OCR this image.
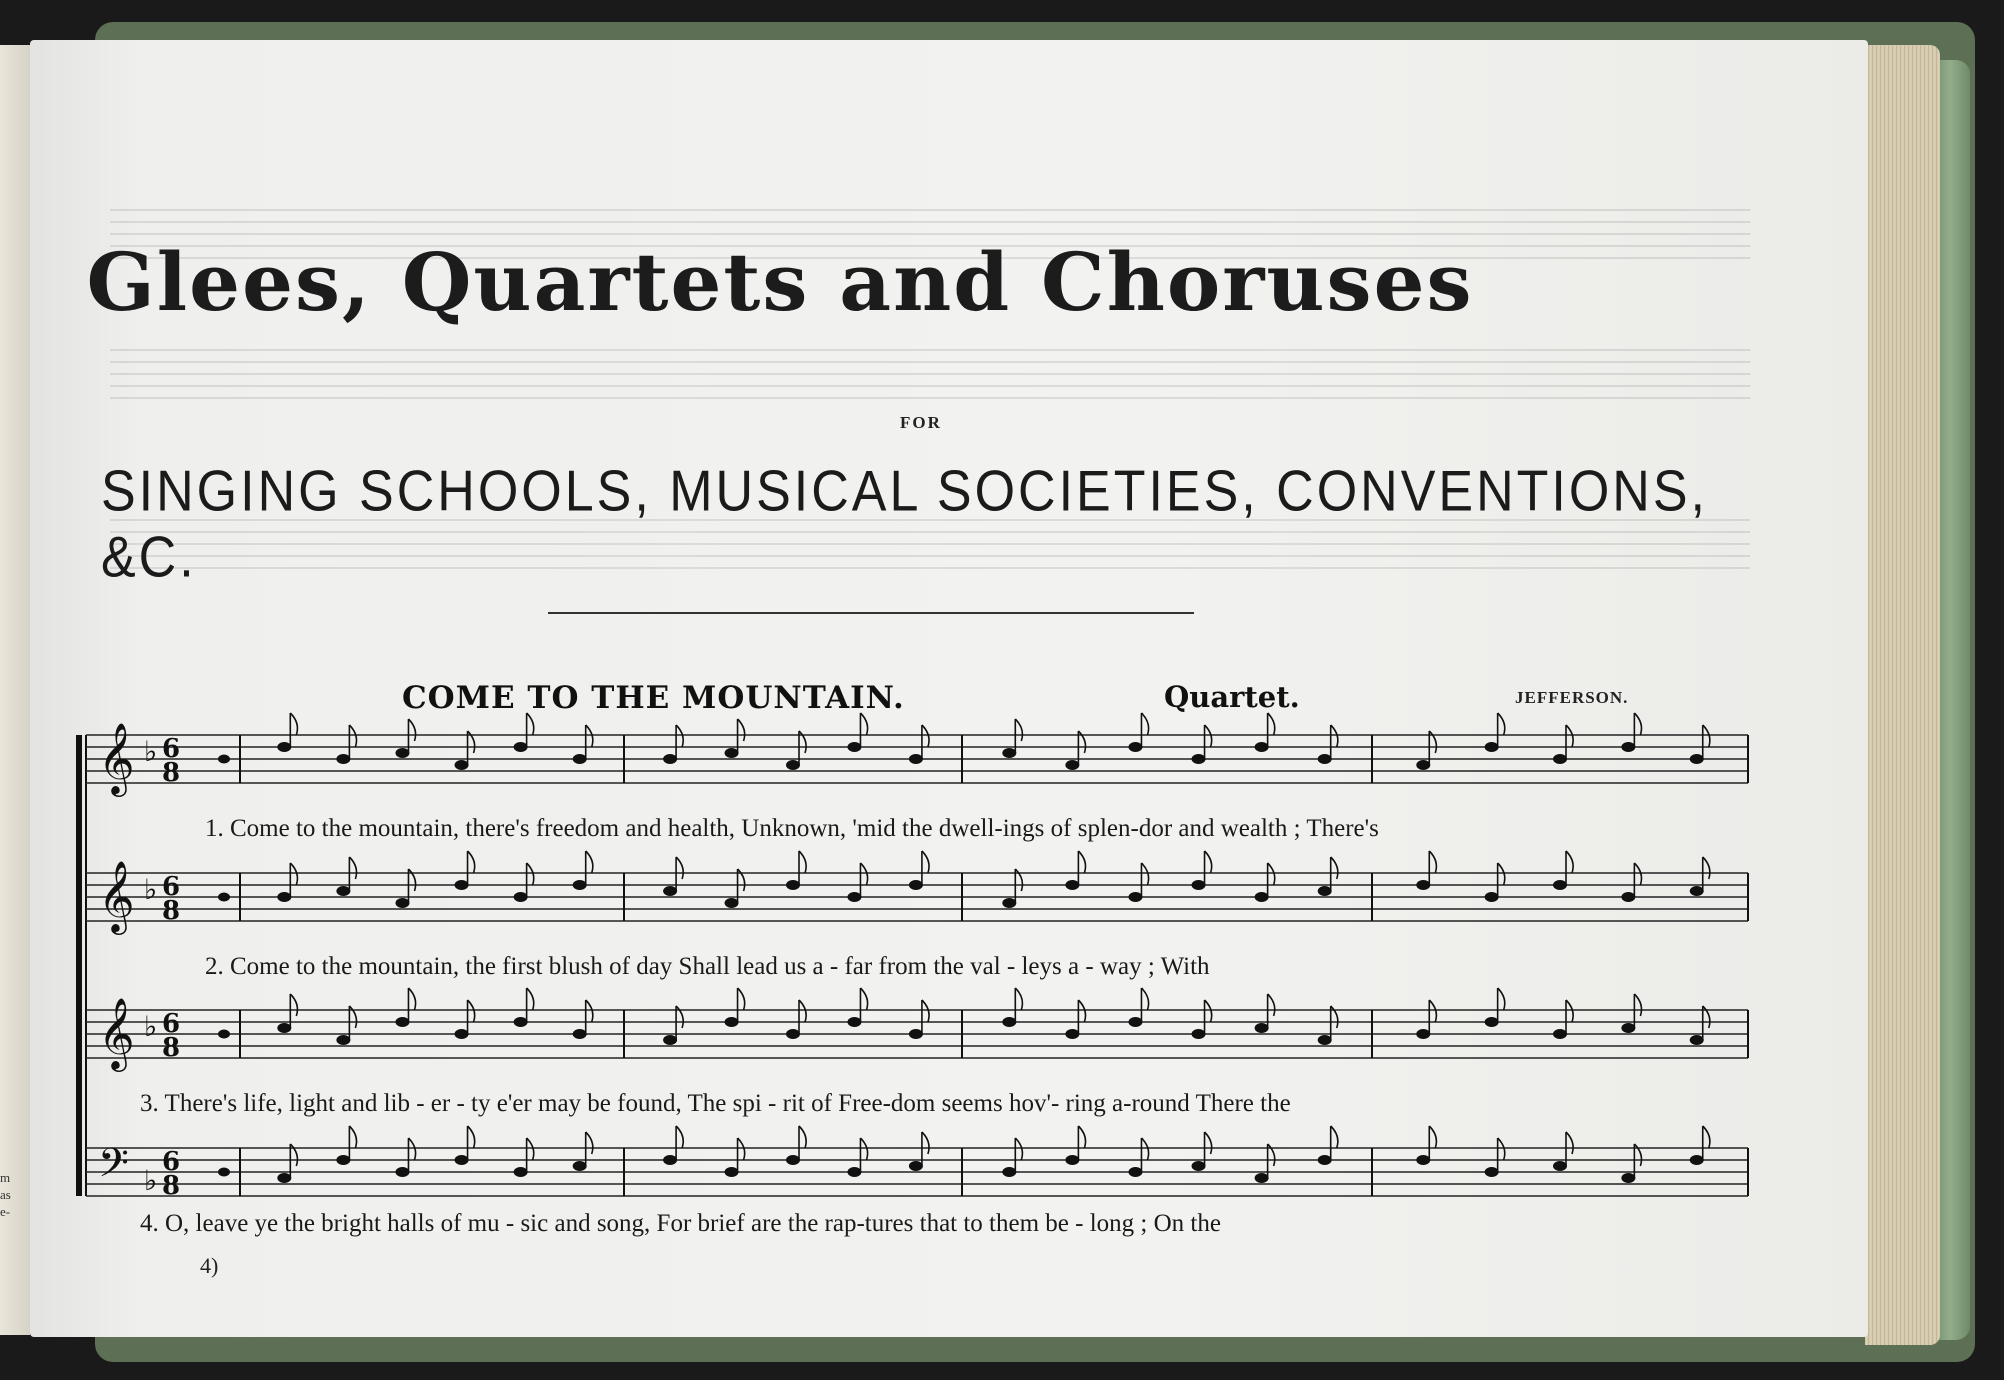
m
as
e-
Glees, Quartets and Choruses
FOR
SINGING SCHOOLS, MUSICAL SOCIETIES, CONVENTIONS, &C.
COME TO THE MOUNTAIN.	Quartet.	JEFFERSON.
𝄞 ♭ 6
8
𝄞 ♭ 6
8
𝄞 ♭ 6
8
𝄢 ♭
6
8
1. Come to the mountain, there's freedom and health, Unknown, 'mid the dwell-ings of splen-dor and wealth ; There's
2. Come to the mountain, the first blush of day Shall lead us a - far from the val - leys a - way ; With
3. There's life, light and lib - er - ty e'er may be found, The spi - rit of Free-dom seems hov'- ring a-round There the
4. O, leave ye the bright halls of mu - sic and song, For brief are the rap-tures that to them be - long ; On the
4)
